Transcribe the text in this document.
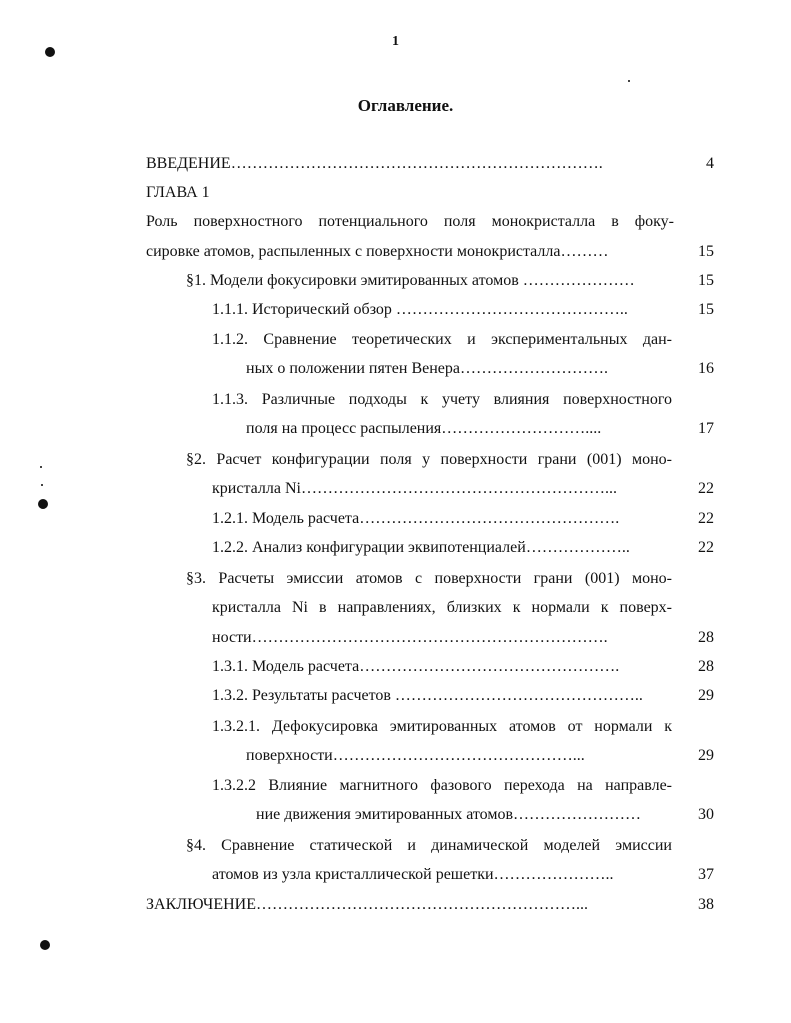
1
Оглавление.
ВВЕДЕНИЕ…………………………………………………………….	4
ГЛАВА 1
Роль поверхностного потенциального поля монокристалла в фоку-
сировке атомов, распыленных с поверхности монокристалла………	15
§1. Модели фокусировки эмитированных атомов …………………	15
1.1.1. Исторический обзор ……………………………………..	15
1.1.2. Сравнение теоретических и экспериментальных дан-
ных о положении пятен Венера……………………….	16
1.1.3. Различные подходы к учету влияния поверхностного
поля на процесс распыления………………………....	17
§2. Расчет конфигурации поля у поверхности грани (001) моно-
кристалла Ni…………………………………………………...	22
1.2.1. Модель расчета………………………………………….	22
1.2.2. Анализ конфигурации эквипотенциалей………………..	22
§3. Расчеты эмиссии атомов с поверхности грани (001) моно-
кристалла Ni в направлениях, близких к нормали к поверх-
ности………………………………………………………….	28
1.3.1. Модель расчета………………………………………….	28
1.3.2. Результаты расчетов ………………………………………..	29
1.3.2.1. Дефокусировка эмитированных атомов от нормали к
поверхности………………………………………...	29
1.3.2.2 Влияние магнитного фазового перехода на направле-
ние движения эмитированных атомов……………………	30
§4. Сравнение статической и динамической моделей эмиссии
атомов из узла кристаллической решетки…………………..	37
ЗАКЛЮЧЕНИЕ……………………………………………………...	38
